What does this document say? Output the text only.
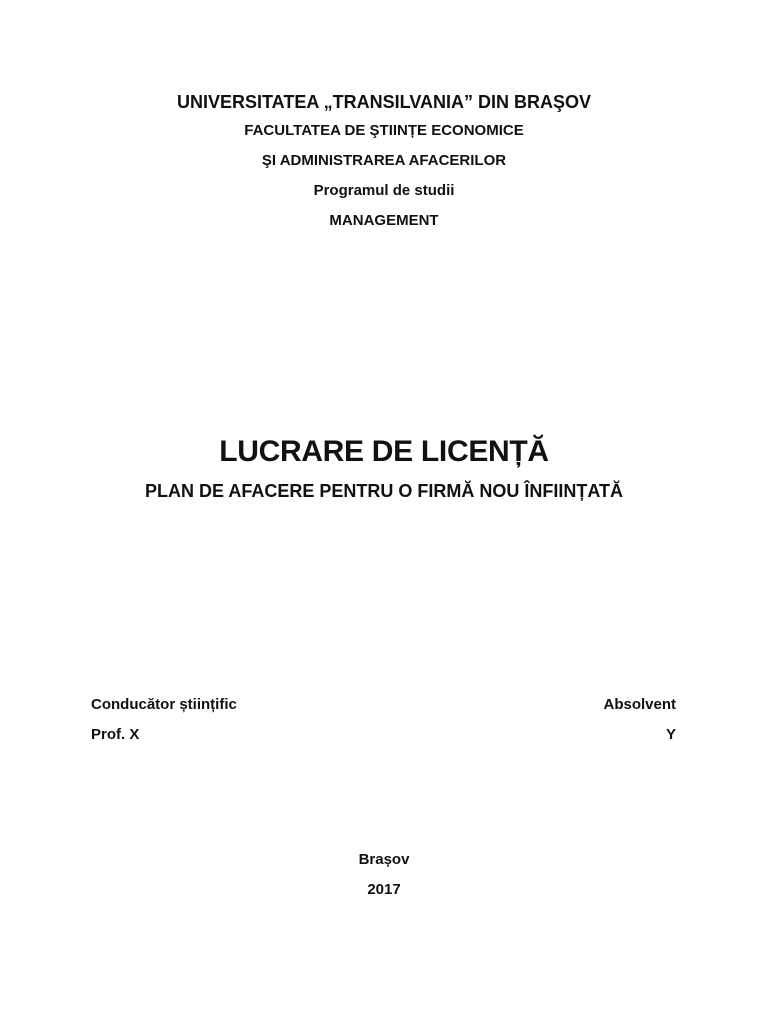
UNIVERSITATEA „TRANSILVANIA” DIN BRAŞOV
FACULTATEA DE ŞTIINȚE ECONOMICE
ŞI ADMINISTRAREA AFACERILOR
Programul de studii
MANAGEMENT
LUCRARE DE LICENȚĂ
PLAN DE AFACERE PENTRU O FIRMĂ NOU ÎNFIINȚATĂ
Conducător științific
Prof. X
Absolvent
Y
Brașov
2017
